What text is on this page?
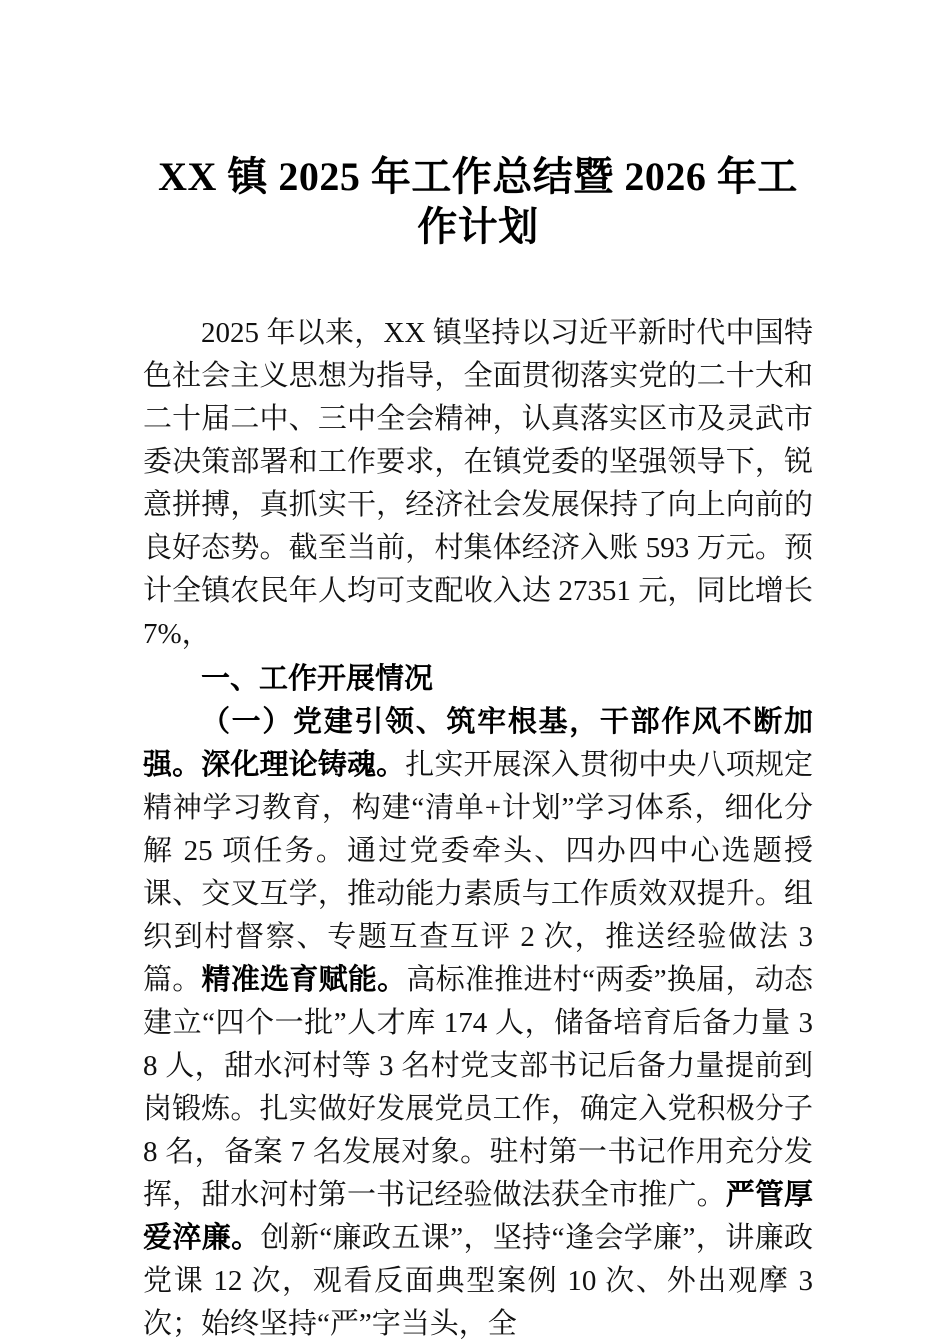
XX 镇 2025 年工作总结暨 2026 年工作计划

2025 年以来，XX 镇坚持以习近平新时代中国特色社会主义思想为指导，全面贯彻落实党的二十大和二十届二中、三中全会精神，认真落实区市及灵武市委决策部署和工作要求，在镇党委的坚强领导下，锐意拼搏，真抓实干，经济社会发展保持了向上向前的良好态势。截至当前，村集体经济入账 593 万元。预计全镇农民年人均可支配收入达 27351 元，同比增长 7%，

一、工作开展情况

（一）党建引领、筑牢根基，干部作风不断加强。深化理论铸魂。扎实开展深入贯彻中央八项规定精神学习教育，构建“清单+计划”学习体系，细化分解 25 项任务。通过党委牵头、四办四中心选题授课、交叉互学，推动能力素质与工作质效双提升。组织到村督察、专题互查互评 2 次，推送经验做法 3 篇。精准选育赋能。高标准推进村“两委”换届，动态建立“四个一批”人才库 174 人，储备培育后备力量 38 人，甜水河村等 3 名村党支部书记后备力量提前到岗锻炼。扎实做好发展党员工作，确定入党积极分子 8 名，备案 7 名发展对象。驻村第一书记作用充分发挥，甜水河村第一书记经验做法获全市推广。严管厚爱淬廉。创新“廉政五课”，坚持“逢会学廉”，讲廉政党课 12 次，观看反面典型案例 10 次、外出观摩 3 次；始终坚持“严”字当头，全
